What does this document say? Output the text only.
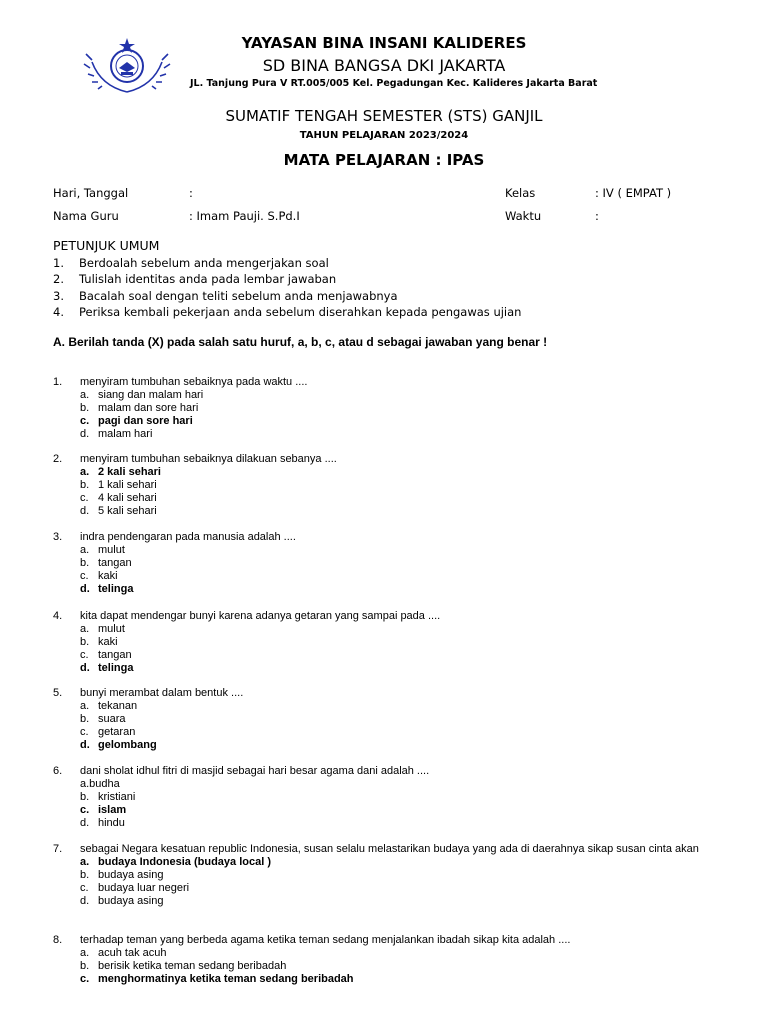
YAYASAN BINA INSANI KALIDERES
SD BINA BANGSA DKI JAKARTA
JL. Tanjung Pura V RT.005/005 Kel. Pegadungan Kec. Kalideres Jakarta Barat
SUMATIF TENGAH SEMESTER (STS) GANJIL
TAHUN PELAJARAN 2023/2024
MATA PELAJARAN : IPAS
Hari, Tanggal	:	Kelas	: IV ( EMPAT )
Nama Guru	: Imam Pauji. S.Pd.I	Waktu	:
PETUNJUK UMUM
1. Berdoalah sebelum anda mengerjakan soal
2. Tulislah identitas anda pada lembar jawaban
3. Bacalah soal dengan teliti sebelum anda menjawabnya
4. Periksa kembali pekerjaan anda sebelum diserahkan kepada pengawas ujian
A. Berilah tanda (X) pada salah satu huruf, a, b, c, atau d sebagai jawaban yang benar !
1. menyiram tumbuhan sebaiknya pada waktu ....
a. siang dan malam hari
b. malam dan sore hari
c. pagi dan sore hari
d. malam hari
2. menyiram tumbuhan sebaiknya dilakuan sebanya ....
a. 2 kali sehari
b. 1 kali sehari
c. 4 kali sehari
d. 5 kali sehari
3. indra pendengaran pada manusia adalah ....
a. mulut
b. tangan
c. kaki
d. telinga
4. kita dapat mendengar bunyi karena adanya getaran yang sampai pada ....
a. mulut
b. kaki
c. tangan
d. telinga
5. bunyi merambat dalam bentuk ....
a. tekanan
b. suara
c. getaran
d. gelombang
6. dani sholat idhul fitri di masjid sebagai hari besar agama dani adalah ....
a.budha
b. kristiani
c. islam
d. hindu
7. sebagai Negara kesatuan republic Indonesia, susan selalu melastarikan budaya yang ada di daerahnya sikap susan cinta akan
a. budaya Indonesia (budaya local )
b. budaya asing
c. budaya luar negeri
d. budaya asing
8. terhadap teman yang berbeda agama ketika teman sedang menjalankan ibadah sikap kita adalah ....
a. acuh tak acuh
b. berisik ketika teman sedang beribadah
c. menghormatinya ketika teman sedang beribadah
